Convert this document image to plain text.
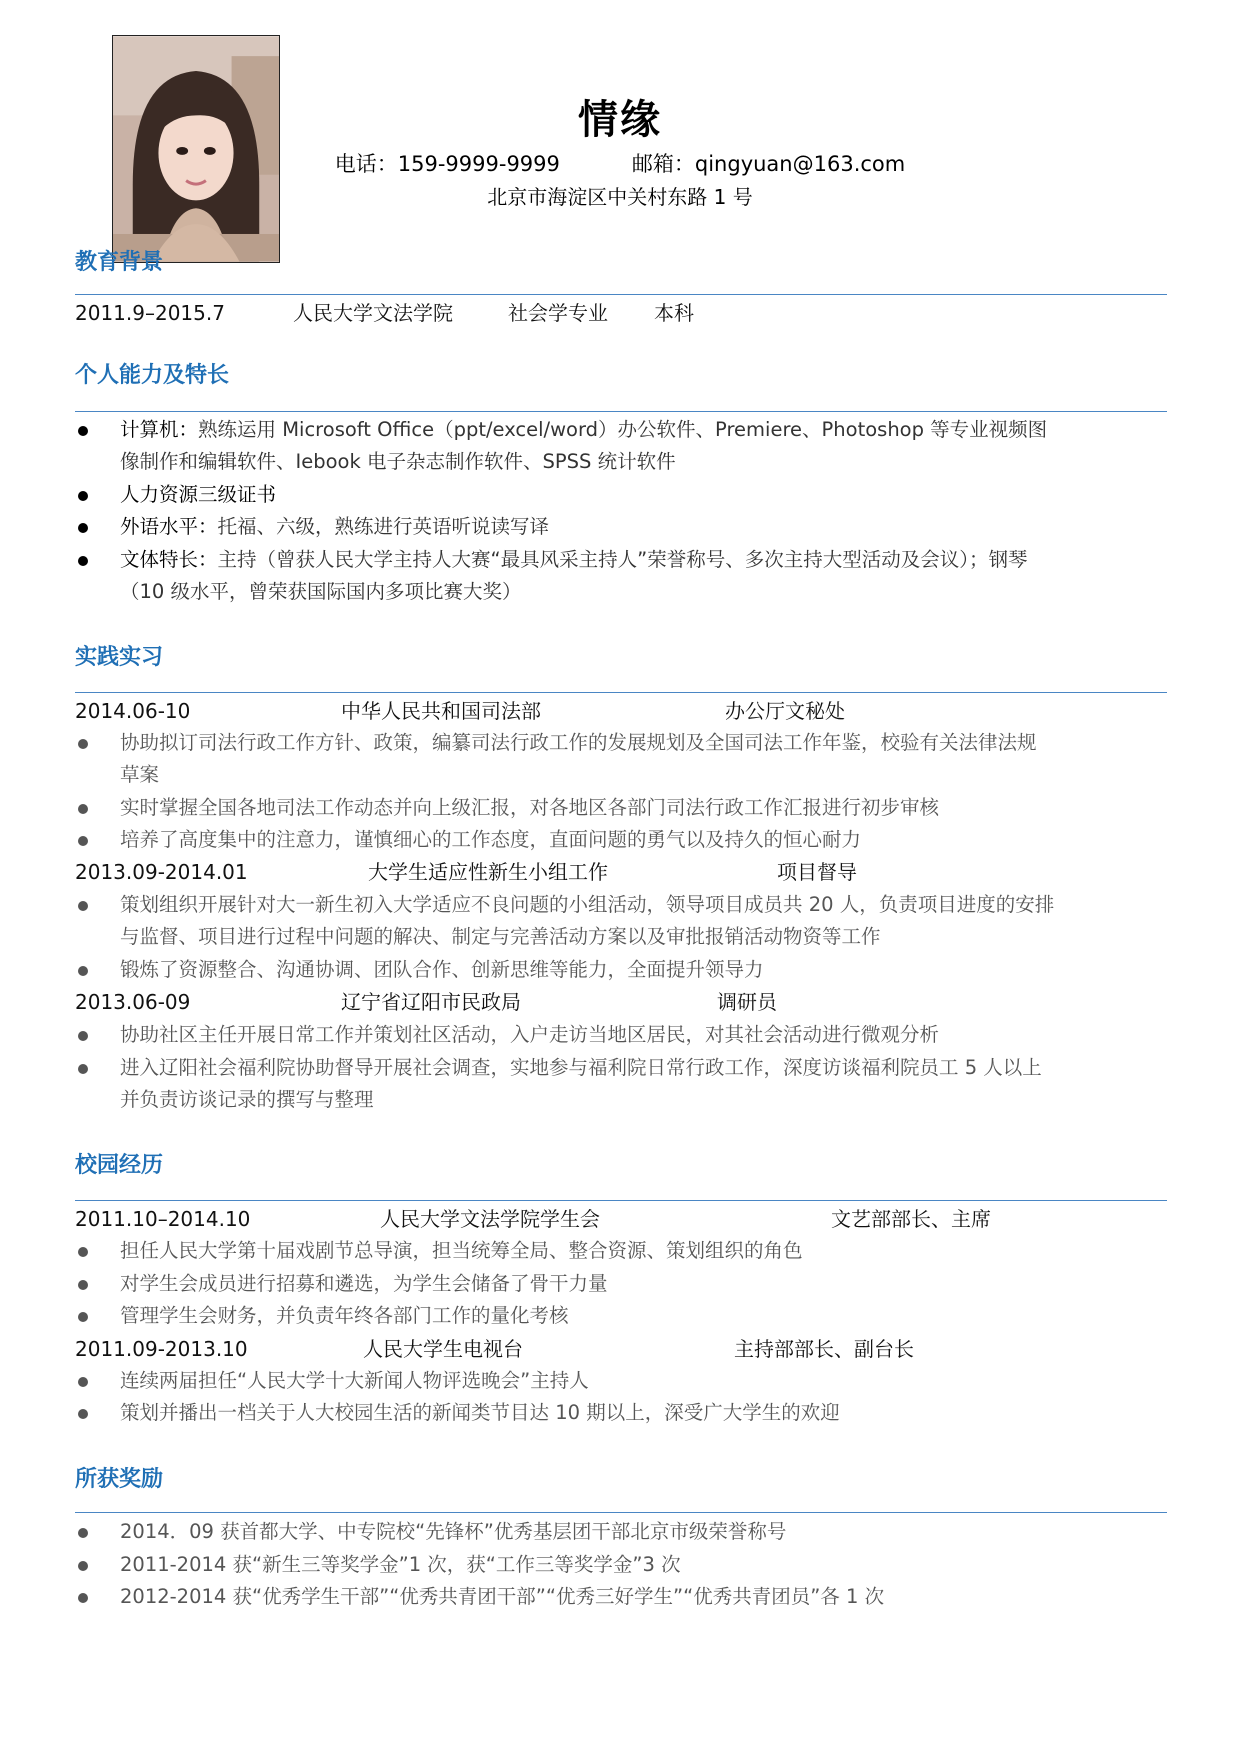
情缘
电话：159-9999-9999	邮箱：qingyuan@163.com
北京市海淀区中关村东路 1 号
教育背景
2011.9–2015.7	人民大学文法学院	社会学专业 本科
个人能力及特长
计算机：熟练运用 Microsoft Office（ppt/excel/word）办公软件、Premiere、Photoshop 等专业视频图
像制作和编辑软件、Iebook 电子杂志制作软件、SPSS 统计软件
人力资源三级证书
外语水平：托福、六级，熟练进行英语听说读写译
文体特长：主持（曾获人民大学主持人大赛“最具风采主持人”荣誉称号、多次主持大型活动及会议）；钢琴
（10 级水平，曾荣获国际国内多项比赛大奖）
实践实习
2014.06-10	中华人民共和国司法部	办公厅文秘处
协助拟订司法行政工作方针、政策，编纂司法行政工作的发展规划及全国司法工作年鉴，校验有关法律法规
草案
实时掌握全国各地司法工作动态并向上级汇报，对各地区各部门司法行政工作汇报进行初步审核
培养了高度集中的注意力，谨慎细心的工作态度，直面问题的勇气以及持久的恒心耐力
2013.09-2014.01	大学生适应性新生小组工作	项目督导
策划组织开展针对大一新生初入大学适应不良问题的小组活动，领导项目成员共 20 人，负责项目进度的安排
与监督、项目进行过程中问题的解决、制定与完善活动方案以及审批报销活动物资等工作
锻炼了资源整合、沟通协调、团队合作、创新思维等能力，全面提升领导力
2013.06-09	辽宁省辽阳市民政局	调研员
协助社区主任开展日常工作并策划社区活动，入户走访当地区居民，对其社会活动进行微观分析
进入辽阳社会福利院协助督导开展社会调查，实地参与福利院日常行政工作，深度访谈福利院员工 5 人以上
并负责访谈记录的撰写与整理
校园经历
2011.10–2014.10	人民大学文法学院学生会	文艺部部长、主席
担任人民大学第十届戏剧节总导演，担当统筹全局、整合资源、策划组织的角色
对学生会成员进行招募和遴选，为学生会储备了骨干力量
管理学生会财务，并负责年终各部门工作的量化考核
2011.09-2013.10	人民大学生电视台	主持部部长、副台长
连续两届担任“人民大学十大新闻人物评选晚会”主持人
策划并播出一档关于人大校园生活的新闻类节目达 10 期以上，深受广大学生的欢迎
所获奖励
2014．09 获首都大学、中专院校“先锋杯”优秀基层团干部北京市级荣誉称号
2011-2014 获“新生三等奖学金”1 次，获“工作三等奖学金”3 次
2012-2014 获“优秀学生干部”“优秀共青团干部”“优秀三好学生”“优秀共青团员”各 1 次
